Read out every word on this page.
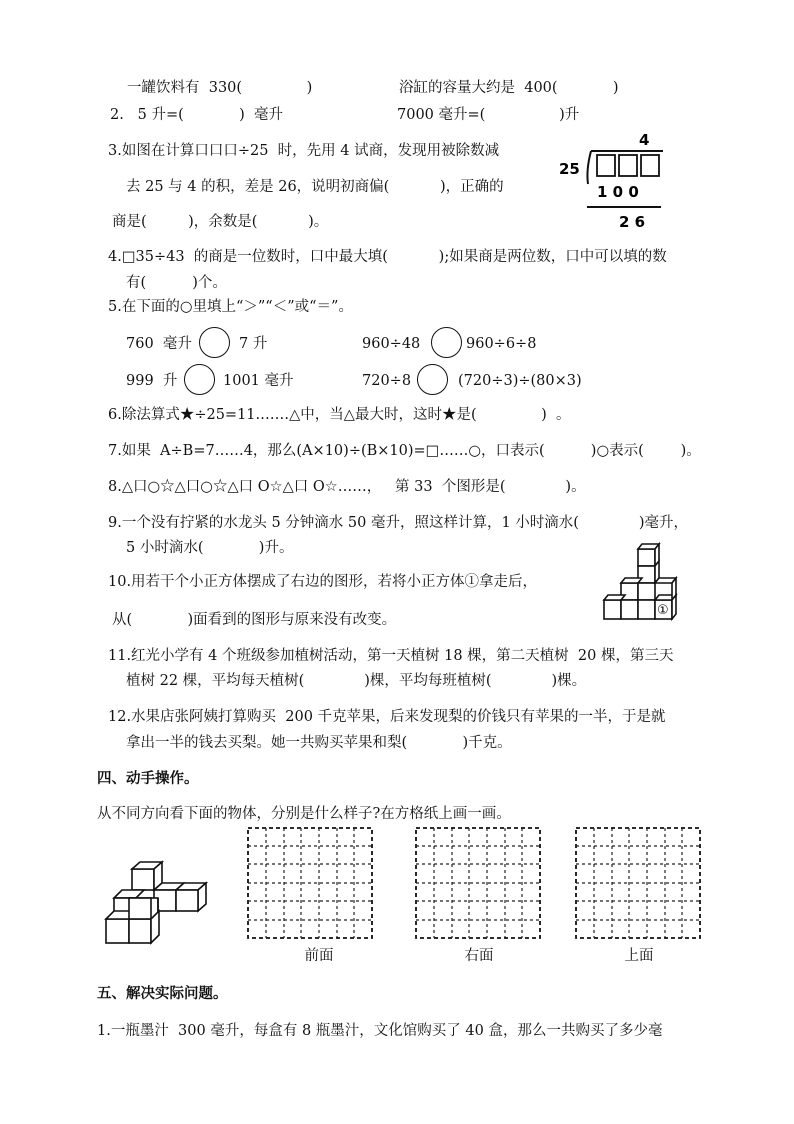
一罐饮料有  330(              )	浴缸的容量大约是  400(            )
2.   5 升=(            )  毫升	7000 毫升=(                )升
3.如图在计算口口口÷25  时，先用 4 试商，发现用被除数减
去 25 与 4 的积，差是 26，说明初商偏(           )，正确的
商是(         )，余数是(           )。
4
25
1 0 0
2 6
4.□35÷43  的商是一位数时，口中最大填(           );如果商是两位数，口中可以填的数
有(          )个。
5.在下面的○里填上“＞”“＜”或“＝”。
760  毫升	7 升	960÷48	960÷6÷8
999  升	1001 毫升	720÷8	(720÷3)÷(80×3)
6.除法算式★÷25=11.……△中，当△最大时，这时★是(              )  。
7.如果  A÷B=7……4，那么(A×10)÷(B×10)=□……○，口表示(          )○表示(        )。
8.△口○☆△口○☆△口 O☆△口 O☆……，   第 33  个图形是(             )。
9.一个没有拧紧的水龙头 5 分钟滴水 50 毫升，照这样计算，1 小时滴水(             )毫升，
5 小时滴水(            )升。
10.用若干个小正方体摆成了右边的图形，若将小正方体①拿走后，
从(            )面看到的图形与原来没有改变。
①
11.红光小学有 4 个班级参加植树活动，第一天植树 18 棵，第二天植树  20 棵，第三天
植树 22 棵，平均每天植树(             )棵，平均每班植树(             )棵。
12.水果店张阿姨打算购买  200 千克苹果，后来发现梨的价钱只有苹果的一半，于是就
拿出一半的钱去买梨。她一共购买苹果和梨(            )千克。
四、动手操作。
从不同方向看下面的物体，分别是什么样子?在方格纸上画一画。
前面	右面	上面
五、解决实际问题。
1.一瓶墨汁  300 毫升，每盒有 8 瓶墨汁，文化馆购买了 40 盒，那么一共购买了多少毫
